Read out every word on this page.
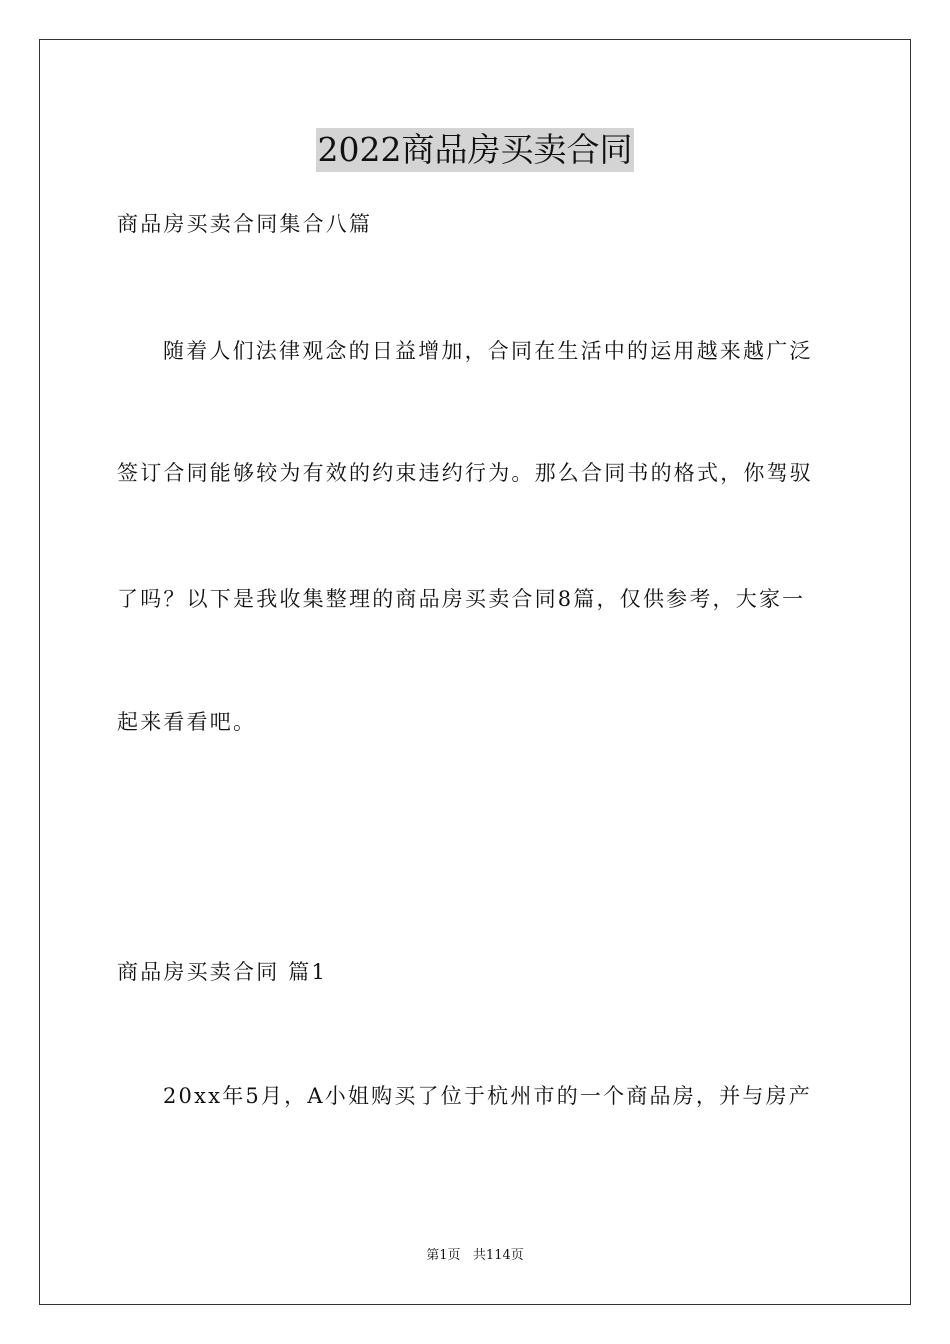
2022商品房买卖合同
商品房买卖合同集合八篇
随着人们法律观念的日益增加，合同在生活中的运用越来越广泛
签订合同能够较为有效的约束违约行为。那么合同书的格式，你驾驭
了吗？以下是我收集整理的商品房买卖合同8篇，仅供参考，大家一
起来看看吧。
商品房买卖合同 篇1
20xx年5月，A小姐购买了位于杭州市的一个商品房，并与房产
第1页 共114页
